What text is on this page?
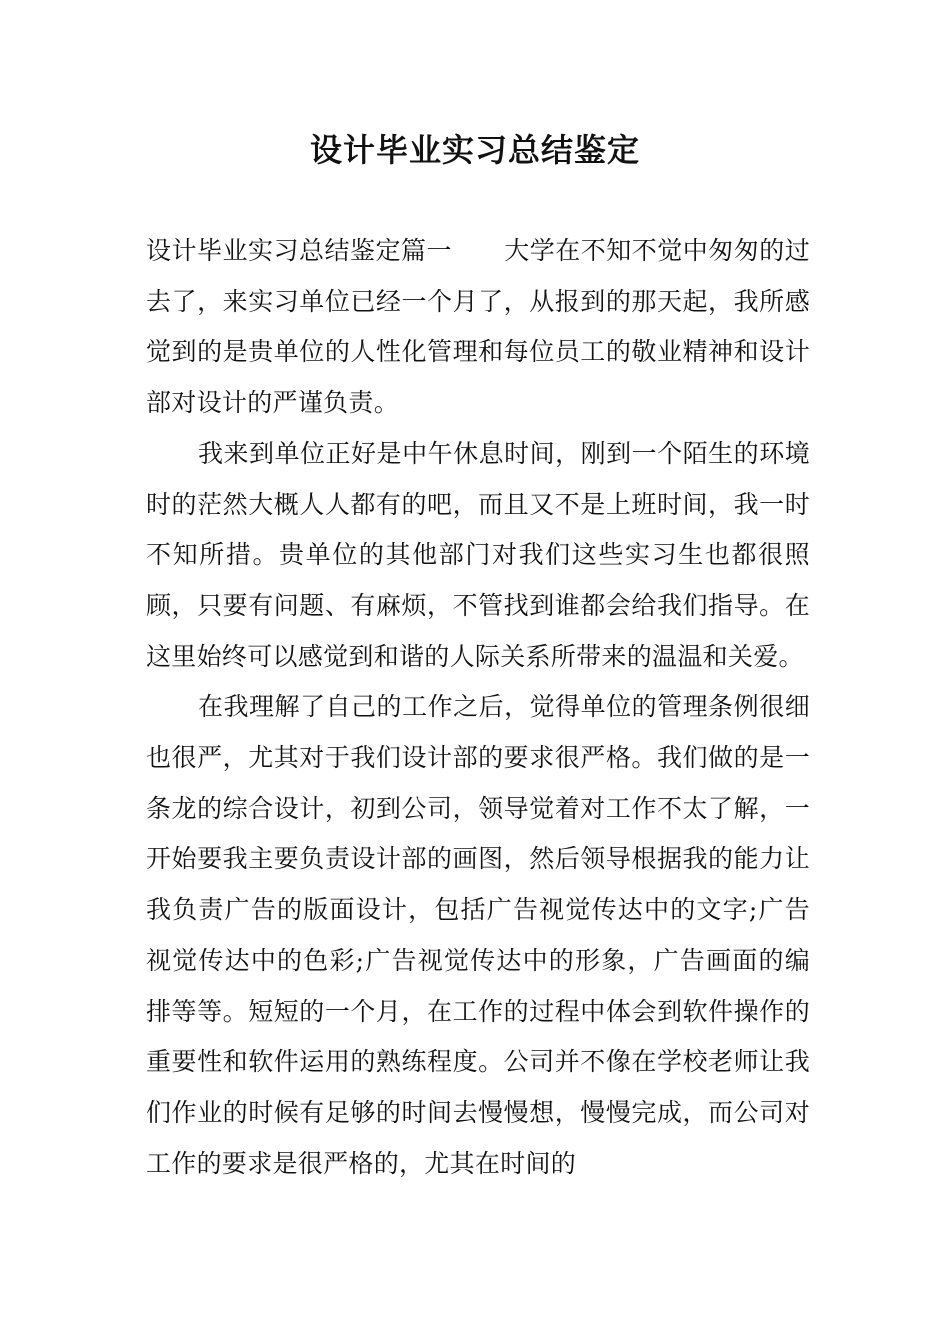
设计毕业实习总结鉴定

设计毕业实习总结鉴定篇一 大学在不知不觉中匆匆的过去了，来实习单位已经一个月了，从报到的那天起，我所感觉到的是贵单位的人性化管理和每位员工的敬业精神和设计部对设计的严谨负责。

我来到单位正好是中午休息时间，刚到一个陌生的环境时的茫然大概人人都有的吧，而且又不是上班时间，我一时不知所措。贵单位的其他部门对我们这些实习生也都很照顾，只要有问题、有麻烦，不管找到谁都会给我们指导。在这里始终可以感觉到和谐的人际关系所带来的温温和关爱。

在我理解了自己的工作之后，觉得单位的管理条例很细也很严，尤其对于我们设计部的要求很严格。我们做的是一条龙的综合设计，初到公司，领导觉着对工作不太了解，一开始要我主要负责设计部的画图，然后领导根据我的能力让我负责广告的版面设计，包括广告视觉传达中的文字;广告视觉传达中的色彩;广告视觉传达中的形象，广告画面的编排等等。短短的一个月，在工作的过程中体会到软件操作的重要性和软件运用的熟练程度。公司并不像在学校老师让我们作业的时候有足够的时间去慢慢想，慢慢完成，而公司对工作的要求是很严格的，尤其在时间的
